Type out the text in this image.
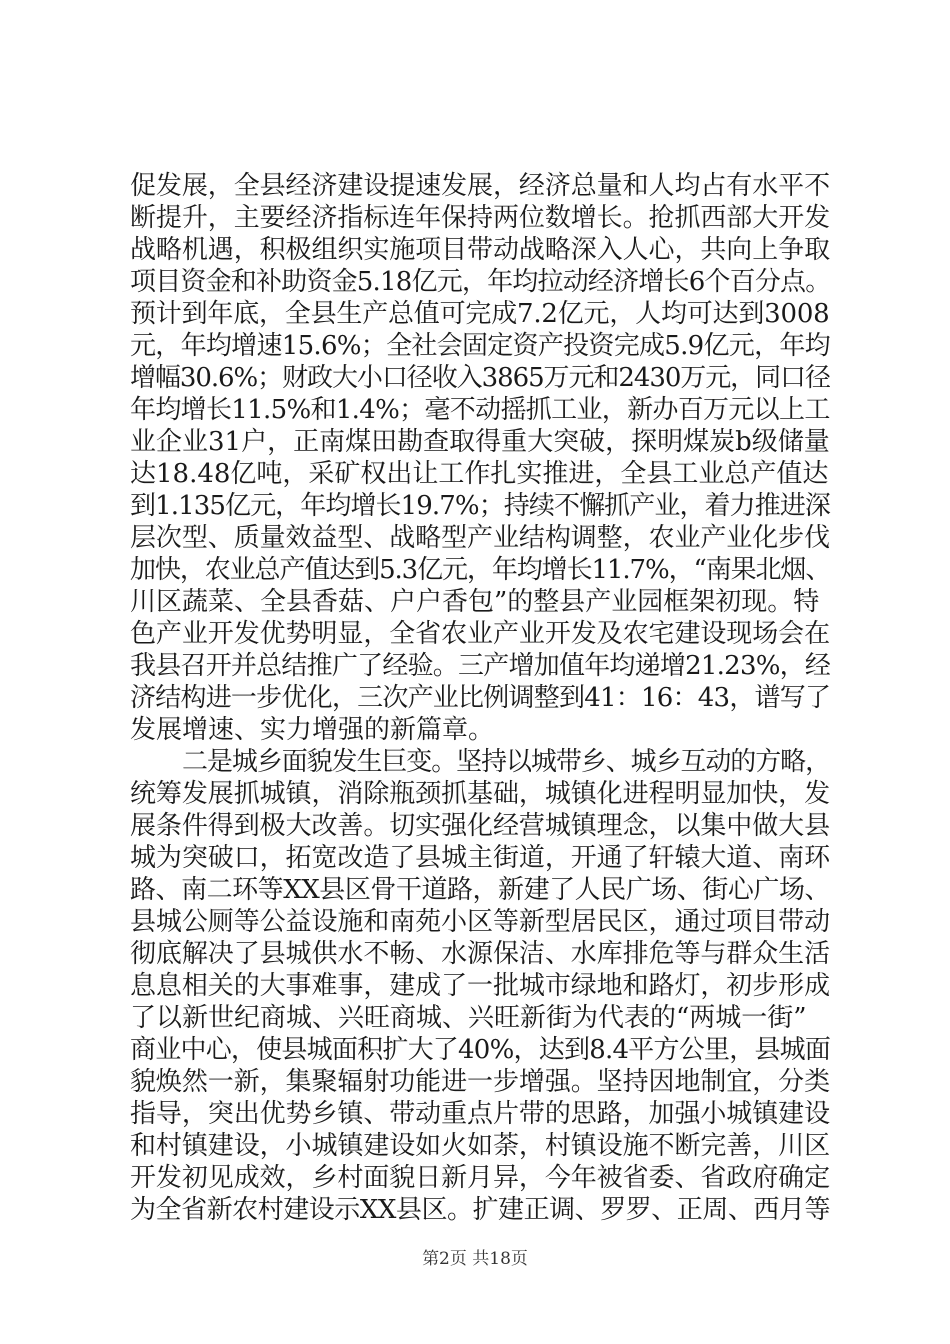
促发展，全县经济建设提速发展，经济总量和人均占有水平不
断提升，主要经济指标连年保持两位数增长。抢抓西部大开发
战略机遇，积极组织实施项目带动战略深入人心，共向上争取
项目资金和补助资金5.18亿元，年均拉动经济增长6个百分点。
预计到年底，全县生产总值可完成7.2亿元，人均可达到3008
元，年均增速15.6%；全社会固定资产投资完成5.9亿元，年均
增幅30.6%；财政大小口径收入3865万元和2430万元，同口径
年均增长11.5%和1.4%；毫不动摇抓工业，新办百万元以上工
业企业31户，正南煤田勘查取得重大突破，探明煤炭b级储量
达18.48亿吨，采矿权出让工作扎实推进，全县工业总产值达
到1.135亿元，年均增长19.7%；持续不懈抓产业，着力推进深
层次型、质量效益型、战略型产业结构调整，农业产业化步伐
加快，农业总产值达到5.3亿元，年均增长11.7%，“南果北烟、
川区蔬菜、全县香菇、户户香包”的整县产业园框架初现。特
色产业开发优势明显，全省农业产业开发及农宅建设现场会在
我县召开并总结推广了经验。三产增加值年均递增21.23%，经
济结构进一步优化，三次产业比例调整到41：16：43，谱写了
发展增速、实力增强的新篇章。
二是城乡面貌发生巨变。坚持以城带乡、城乡互动的方略，
统筹发展抓城镇，消除瓶颈抓基础，城镇化进程明显加快，发
展条件得到极大改善。切实强化经营城镇理念，以集中做大县
城为突破口，拓宽改造了县城主街道，开通了轩辕大道、南环
路、南二环等XX县区骨干道路，新建了人民广场、街心广场、
县城公厕等公益设施和南苑小区等新型居民区，通过项目带动
彻底解决了县城供水不畅、水源保洁、水库排危等与群众生活
息息相关的大事难事，建成了一批城市绿地和路灯，初步形成
了以新世纪商城、兴旺商城、兴旺新街为代表的“两城一街”
商业中心，使县城面积扩大了40%，达到8.4平方公里，县城面
貌焕然一新，集聚辐射功能进一步增强。坚持因地制宜，分类
指导，突出优势乡镇、带动重点片带的思路，加强小城镇建设
和村镇建设，小城镇建设如火如荼，村镇设施不断完善，川区
开发初见成效，乡村面貌日新月异，今年被省委、省政府确定
为全省新农村建设示XX县区。扩建正调、罗罗、正周、西月等
第2页 共18页
